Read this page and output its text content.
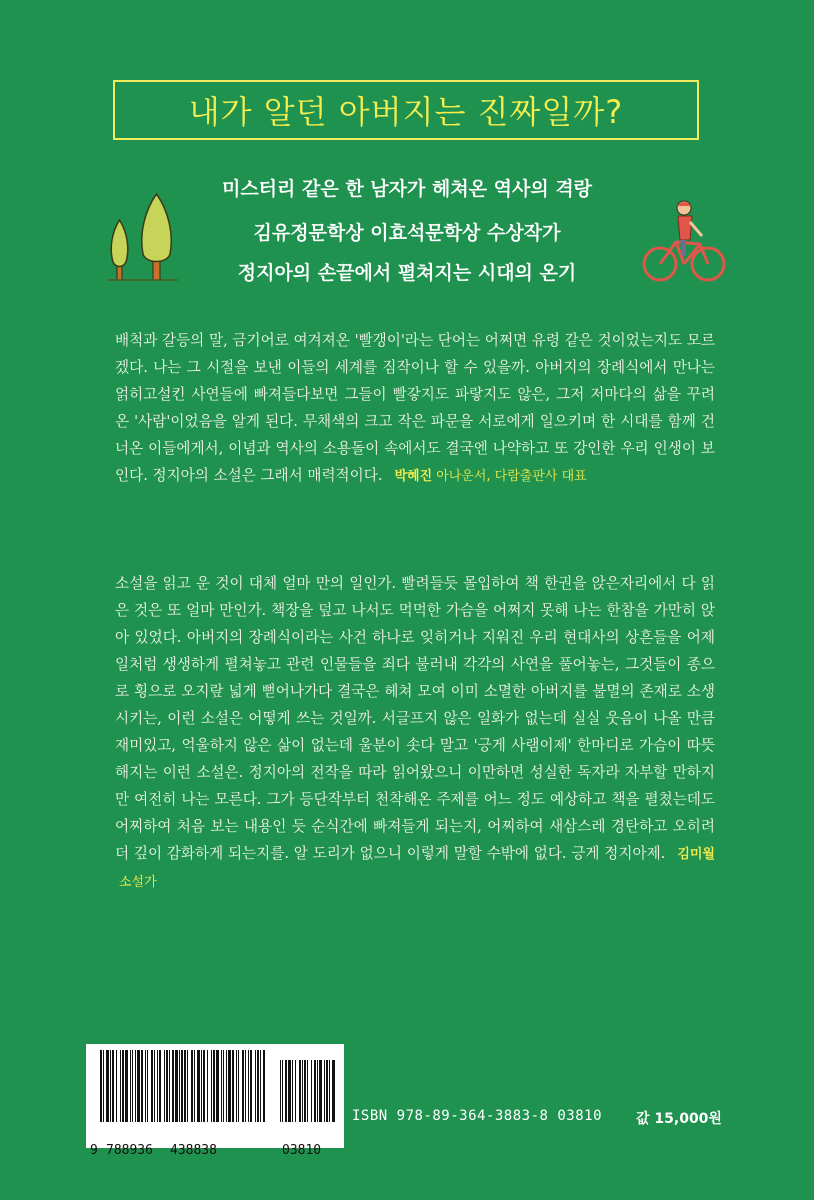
내가 알던 아버지는 진짜일까?
미스터리 같은 한 남자가 헤쳐온 역사의 격랑
김유정문학상 이효석문학상 수상작가
정지아의 손끝에서 펼쳐지는 시대의 온기
배척과 갈등의 말, 금기어로 여겨져온 '빨갱이'라는 단어는 어쩌면 유령 같은 것이었는지도 모르겠다. 나는 그 시절을 보낸 이들의 세계를 짐작이나 할 수 있을까. 아버지의 장례식에서 만나는 얽히고설킨 사연들에 빠져들다보면 그들이 빨갛지도 파랗지도 않은, 그저 저마다의 삶을 꾸려온 '사람'이었음을 알게 된다. 무채색의 크고 작은 파문을 서로에게 일으키며 한 시대를 함께 건너온 이들에게서, 이념과 역사의 소용돌이 속에서도 결국엔 나약하고 또 강인한 우리 인생이 보인다. 정지아의 소설은 그래서 매력적이다. 박혜진 아나운서, 다람출판사 대표
소설을 읽고 운 것이 대체 얼마 만의 일인가. 빨려들듯 몰입하여 책 한권을 앉은자리에서 다 읽은 것은 또 얼마 만인가. 책장을 덮고 나서도 먹먹한 가슴을 어쩌지 못해 나는 한참을 가만히 앉아 있었다. 아버지의 장례식이라는 사건 하나로 잊히거나 지워진 우리 현대사의 상흔들을 어제 일처럼 생생하게 펼쳐놓고 관련 인물들을 죄다 불러내 각각의 사연을 풀어놓는, 그것들이 종으로 횡으로 오지랖 넓게 뻗어나가다 결국은 헤쳐 모여 이미 소멸한 아버지를 불멸의 존재로 소생시키는, 이런 소설은 어떻게 쓰는 것일까. 서글프지 않은 일화가 없는데 실실 웃음이 나올 만큼 재미있고, 억울하지 않은 삶이 없는데 울분이 솟다 말고 '긍게 사램이제' 한마디로 가슴이 따뜻해지는 이런 소설은. 정지아의 전작을 따라 읽어왔으니 이만하면 성실한 독자라 자부할 만하지만 여전히 나는 모른다. 그가 등단작부터 천착해온 주제를 어느 정도 예상하고 책을 펼쳤는데도 어찌하여 처음 보는 내용인 듯 순식간에 빠져들게 되는지, 어찌하여 새삼스레 경탄하고 오히려 더 깊이 감화하게 되는지를. 알 도리가 없으니 이렇게 말할 수밖에 없다. 긍게 정지아제. 김미월소설가
9 788936 438838	03810
ISBN 978-89-364-3883-8 03810 값 15,000원
